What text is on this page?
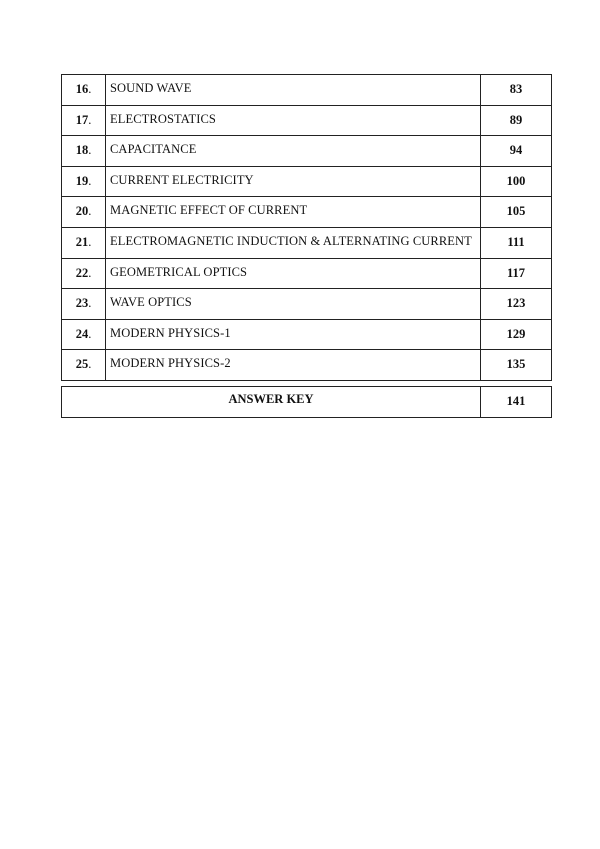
16.	SOUND WAVE	83
17.	ELECTROSTATICS	89
18.	CAPACITANCE	94
19.	CURRENT ELECTRICITY	100
20.	MAGNETIC EFFECT OF CURRENT	105
21.	ELECTROMAGNETIC INDUCTION & ALTERNATING CURRENT	111
22.	GEOMETRICAL OPTICS	117
23.	WAVE OPTICS	123
24.	MODERN PHYSICS-1	129
25.	MODERN PHYSICS-2	135
ANSWER KEY	141
